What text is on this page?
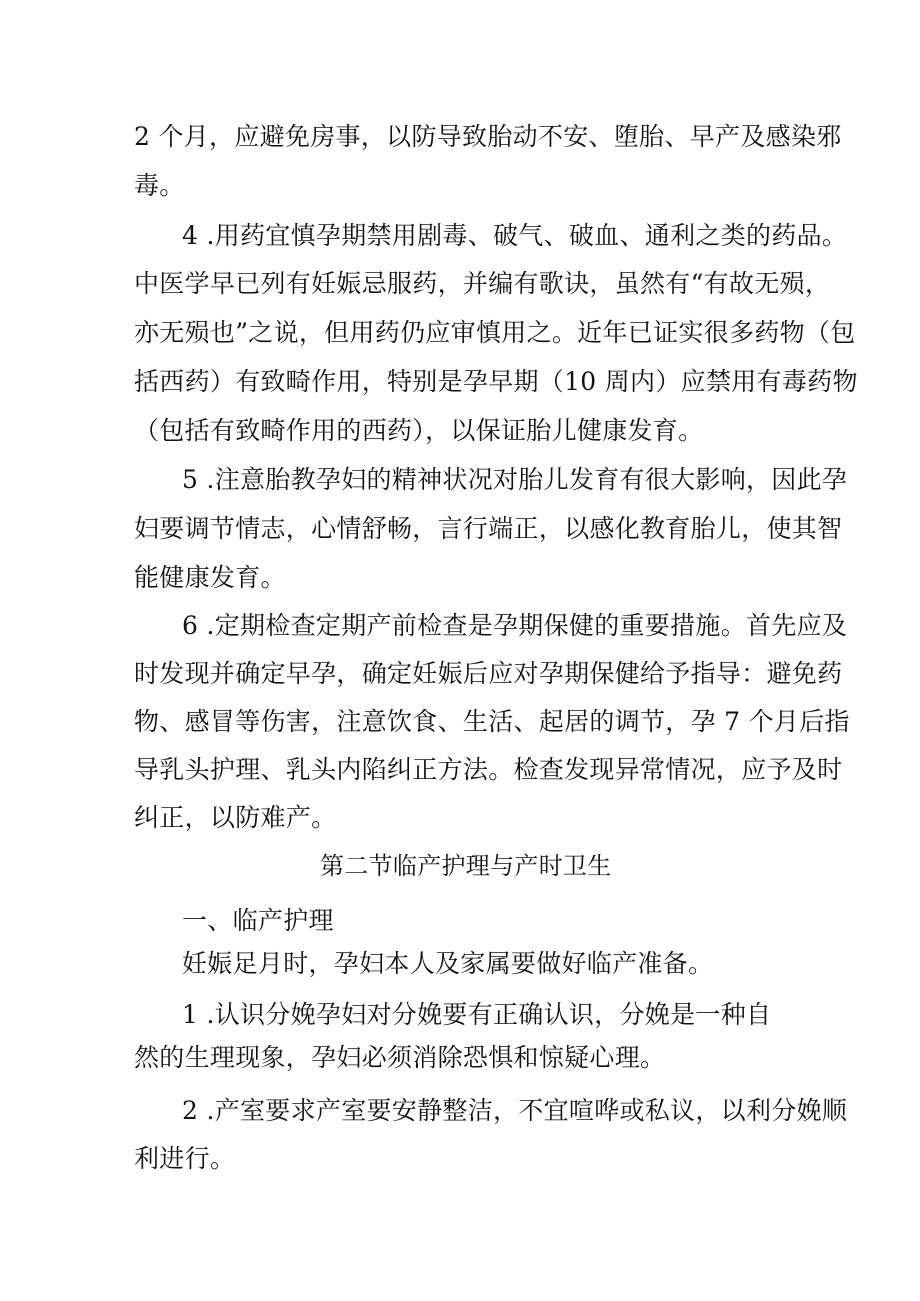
2 个月，应避免房事，以防导致胎动不安、堕胎、早产及感染邪
毒。
4 .用药宜慎孕期禁用剧毒、破气、破血、通利之类的药品。
中医学早已列有妊娠忌服药，并编有歌诀，虽然有“有故无殒，
亦无殒也”之说，但用药仍应审慎用之。近年已证实很多药物（包
括西药）有致畸作用，特别是孕早期（10 周内）应禁用有毒药物
（包括有致畸作用的西药），以保证胎儿健康发育。
5 .注意胎教孕妇的精神状况对胎儿发育有很大影响，因此孕
妇要调节情志，心情舒畅，言行端正，以感化教育胎儿，使其智
能健康发育。
6 .定期检查定期产前检查是孕期保健的重要措施。首先应及
时发现并确定早孕，确定妊娠后应对孕期保健给予指导：避免药
物、感冒等伤害，注意饮食、生活、起居的调节，孕 7 个月后指
导乳头护理、乳头内陷纠正方法。检查发现异常情况，应予及时
纠正，以防难产。
第二节临产护理与产时卫生
一、临产护理
妊娠足月时，孕妇本人及家属要做好临产准备。
1 .认识分娩孕妇对分娩要有正确认识，分娩是一种自
然的生理现象，孕妇必须消除恐惧和惊疑心理。
2 .产室要求产室要安静整洁，不宜喧哗或私议，以利分娩顺
利进行。
